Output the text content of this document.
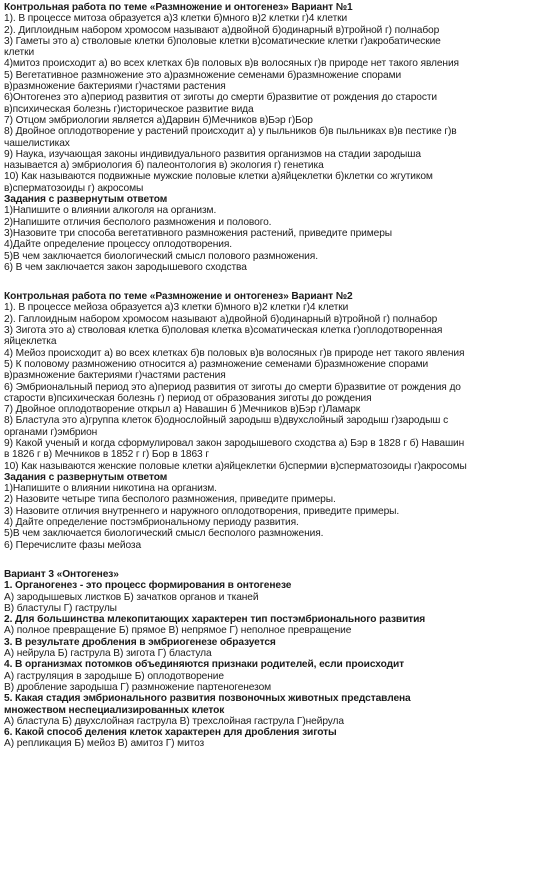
Контрольная работа по теме «Размножение и онтогенез» Вариант №1
1). В процессе митоза образуется а)3 клетки б)много в)2 клетки г)4 клетки
2). Диплоидным набором хромосом называют а)двойной б)одинарный в)тройной г) полнабор
3) Гаметы это а) стволовые клетки б)половые клетки в)соматические клетки г)акробатические
клетки
4)митоз происходит а) во всех клетках б)в половых в)в волосяных г)в природе нет такого явления
5) Вегетативное размножение это а)размножение семенами б)размножение спорами
в)размножение бактериями г)частями растения
6)Онтогенез это а)период развития от зиготы до смерти б)развитие от рождения до старости
в)психическая болезнь г)историческое развитие вида
7) Отцом эмбриологии является а)Дарвин б)Мечников в)Бэр г)Бор
8) Двойное оплодотворение у растений происходит а) у пыльников б)в пыльниках в)в пестике г)в
чашелистиках
9) Наука, изучающая законы индивидуального развития организмов на стадии зародыша
называется а) эмбриология б) палеонтология в) экология г) генетика
10) Как называются подвижные мужские половые клетки а)яйцеклетки б)клетки со жгутиком
в)сперматозоиды г) акросомы
Задания с развернутым ответом
1)Напишите о влиянии алкоголя на организм.
2)Напишите отличия бесполого размножения и полового.
3)Назовите три способа вегетативного размножения растений, приведите примеры
4)Дайте определение процессу оплодотворения.
5)В чем заключается биологический смысл полового размножения.
6) В чем заключается закон зародышевого сходства
Контрольная работа по теме «Размножение и онтогенез» Вариант №2
1). В процессе мейоза образуется а)3 клетки б)много в)2 клетки г)4 клетки
2). Гаплоидным набором хромосом называют а)двойной б)одинарный в)тройной г) полнабор
3) Зигота это а) стволовая клетка б)половая клетка в)соматическая клетка г)оплодотворенная
яйцеклетка
4) Мейоз происходит а) во всех клетках б)в половых в)в волосяных г)в природе нет такого явления
5) К половому размножению относится а) размножение семенами б)размножение спорами
в)размножение бактериями г)частями растения
6) Эмбриональный период это а)период развития от зиготы до смерти б)развитие от рождения до
старости в)психическая болезнь г) период от образования зиготы до рождения
7) Двойное оплодотворение открыл а) Навашин б )Мечников в)Бэр г)Ламарк
8) Бластула это а)группа клеток б)однослойный зародыш в)двухслойный зародыш г)зародыш с
органами г)эмбрион
9) Какой ученый и когда сформулировал закон зародышевого сходства а) Бэр в 1828 г б) Навашин
в 1826 г в) Мечников в 1852 г г) Бор в 1863 г
10) Как называются женские половые клетки а)яйцеклетки б)спермии в)сперматозоиды г)акросомы
Задания с развернутым ответом
1)Напишите о влиянии никотина на организм.
2) Назовите четыре типа бесполого размножения, приведите примеры.
3) Назовите отличия внутреннего и наружного оплодотворения, приведите примеры.
4) Дайте определение постэмбриональному периоду развития.
5)В чем заключается биологический смысл бесполого размножения.
6) Перечислите фазы мейоза
Вариант 3 «Онтогенез»
1. Органогенез - это процесс формирования в онтогенезе
А) зародышевых листков Б) зачатков органов и тканей
В) бластулы Г) гаструлы
2. Для большинства млекопитающих характерен тип постэмбрионального развития
А) полное превращение Б) прямое В) непрямое Г) неполное превращение
3. В результате дробления в эмбриогенезе образуется
А) нейрула Б) гаструла В) зигота Г) бластула
4. В организмах потомков объединяются признаки родителей, если происходит
А) гаструляция в зародыше Б) оплодотворение
В) дробление зародыша Г) размножение партеногенезом
5. Какая стадия эмбрионального развития позвоночных животных представлена
множеством неспециализированных клеток
А) бластула Б) двухслойная гаструла В) трехслойная гаструла Г)нейрула
6. Какой способ деления клеток характерен для дробления зиготы
А) репликация Б) мейоз В) амитоз Г) митоз
